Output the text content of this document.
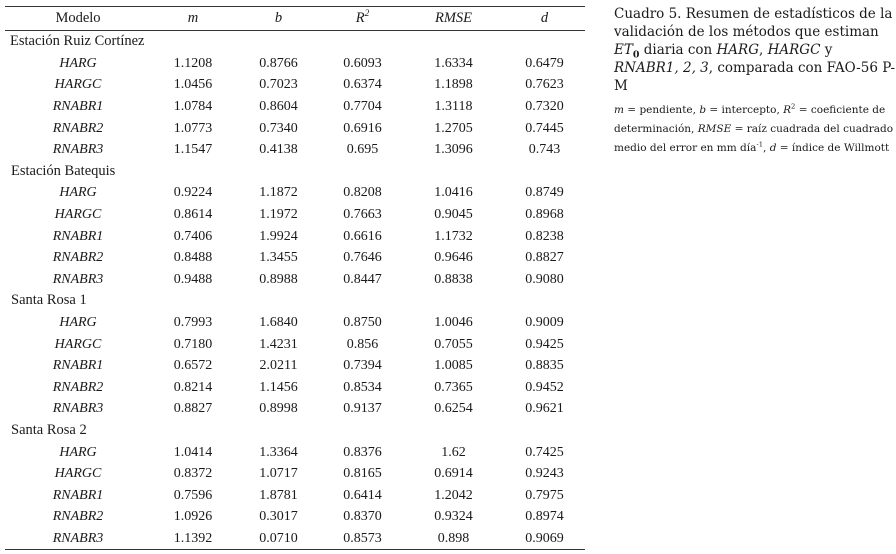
Modelo	m	b	$R^2$	RMSE	d
Estación Ruiz Cortínez					
HARG	1.1208	0.8766	0.6093	1.6334	0.6479
HARGC	1.0456	0.7023	0.6374	1.1898	0.7623
RNABR1	1.0784	0.8604	0.7704	1.3118	0.7320
RNABR2	1.0773	0.7340	0.6916	1.2705	0.7445
RNABR3	1.1547	0.4138	0.695	1.3096	0.743
Estación Batequis					
HARG	0.9224	1.1872	0.8208	1.0416	0.8749
HARGC	0.8614	1.1972	0.7663	0.9045	0.8968
RNABR1	0.7406	1.9924	0.6616	1.1732	0.8238
RNABR2	0.8488	1.3455	0.7646	0.9646	0.8827
RNABR3	0.9488	0.8988	0.8447	0.8838	0.9080
Santa Rosa 1					
HARG	0.7993	1.6840	0.8750	1.0046	0.9009
HARGC	0.7180	1.4231	0.856	0.7055	0.9425
RNABR1	0.6572	2.0211	0.7394	1.0085	0.8835
RNABR2	0.8214	1.1456	0.8534	0.7365	0.9452
RNABR3	0.8827	0.8998	0.9137	0.6254	0.9621
Santa Rosa 2					
HARG	1.0414	1.3364	0.8376	1.62	0.7425
HARGC	0.8372	1.0717	0.8165	0.6914	0.9243
RNABR1	0.7596	1.8781	0.6414	1.2042	0.7975
RNABR2	1.0926	0.3017	0.8370	0.9324	0.8974
RNABR3	1.1392	0.0710	0.8573	0.898	0.9069
Cuadro 5. Resumen de estadísticos de la validación de los métodos que estiman $ET_0$ diaria con HARG, HARGC y RNABR1, 2, 3, comparada con FAO-56 P-M
m = pendiente, b = intercepto, $R^2$ = coeficiente de determinación, RMSE = raíz cuadrada del cuadrado medio del error en mm día$^{-1}$, d = índice de Willmott
